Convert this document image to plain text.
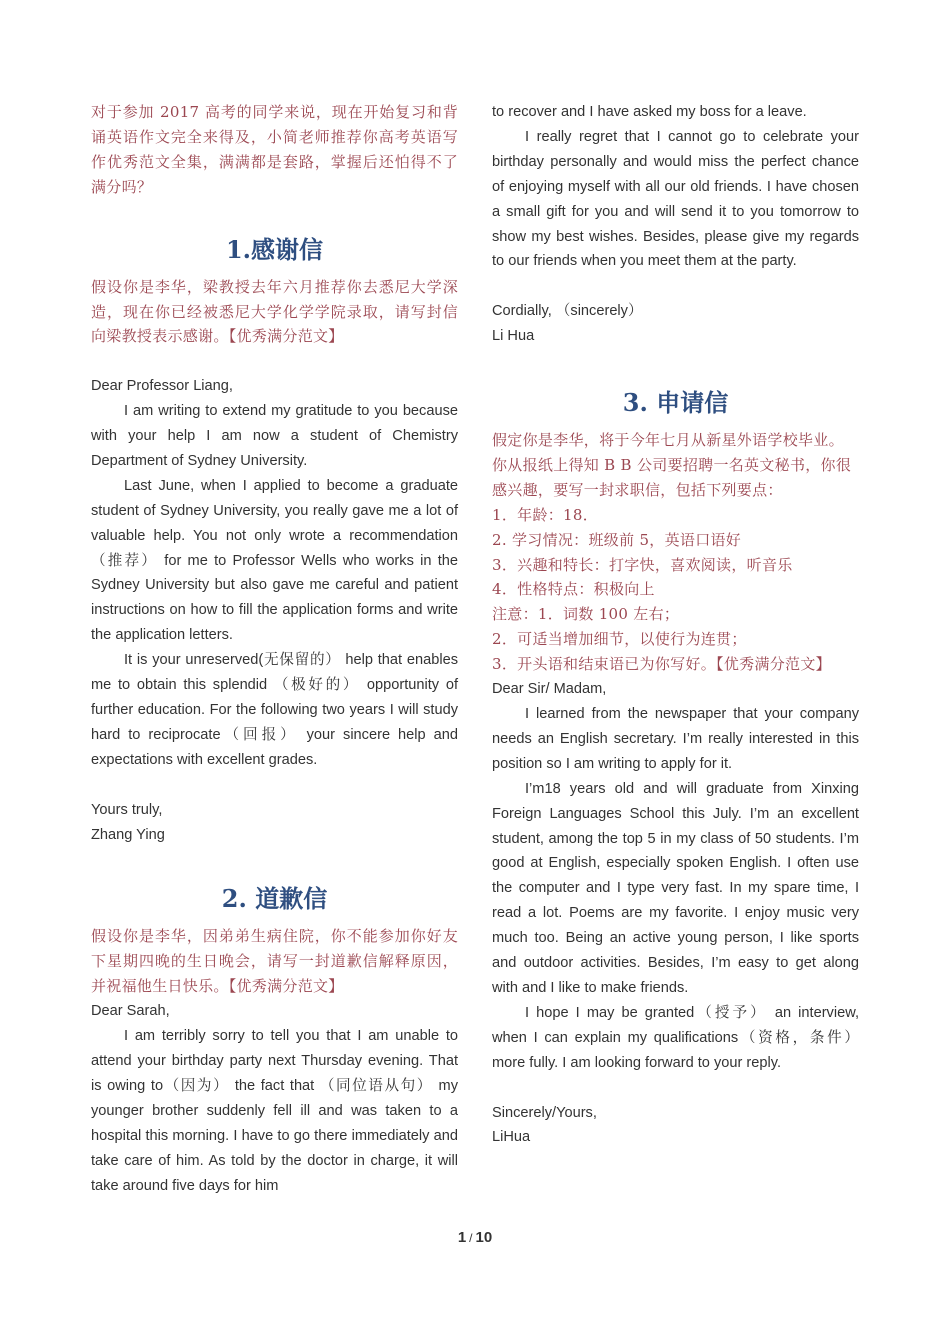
对于参加 2017 高考的同学来说，现在开始复习和背诵英语作文完全来得及，小简老师推荐你高考英语写作优秀范文全集，满满都是套路，掌握后还怕得不了满分吗？

1.感谢信

假设你是李华，梁教授去年六月推荐你去悉尼大学深造，现在你已经被悉尼大学化学学院录取，请写封信向梁教授表示感谢。【优秀满分范文】

Dear Professor Liang,

I am writing to extend my gratitude to you because with your help I am now a student of Chemistry Department of Sydney University.

Last June, when I applied to become a graduate student of Sydney University, you really gave me a lot of valuable help. You not only wrote a recommendation（推荐） for me to Professor Wells who works in the Sydney University but also gave me careful and patient instructions on how to fill the application forms and write the application letters.

It is your unreserved(无保留的） help that enables me to obtain this splendid （极好的） opportunity of further education. For the following two years I will study hard to reciprocate（回报） your sincere help and expectations with excellent grades.

Yours truly,

Zhang Ying

2. 道歉信

假设你是李华，因弟弟生病住院，你不能参加你好友下星期四晚的生日晚会，请写一封道歉信解释原因，并祝福他生日快乐。【优秀满分范文】

Dear Sarah,

I am terribly sorry to tell you that I am unable to attend your birthday party next Thursday evening. That is owing to（因为） the fact that （同位语从句） my younger brother suddenly fell ill and was taken to a hospital this morning. I have to go there immediately and take care of him. As told by the doctor in charge, it will take around five days for him

to recover and I have asked my boss for a leave.

I really regret that I cannot go to celebrate your birthday personally and would miss the perfect chance of enjoying myself with all our old friends. I have chosen a small gift for you and will send it to you tomorrow to show my best wishes. Besides, please give my regards to our friends when you meet them at the party.

Cordially, （sincerely）

Li Hua

3. 申请信

假定你是李华，将于今年七月从新星外语学校毕业。你从报纸上得知 B B 公司要招聘一名英文秘书，你很感兴趣，要写一封求职信，包括下列要点：

1．年龄：18．

2. 学习情况：班级前 5，英语口语好

3．兴趣和特长：打字快，喜欢阅读，听音乐

4．性格特点：积极向上

注意：1．词数 100 左右；

2．可适当增加细节，以使行为连贯；

3．开头语和结束语已为你写好。【优秀满分范文】

Dear Sir/ Madam,

I learned from the newspaper that your company needs an English secretary. I’m really interested in this position so I am writing to apply for it.

I’m18 years old and will graduate from Xinxing Foreign Languages School this July. I’m an excellent student, among the top 5 in my class of 50 students. I’m good at English, especially spoken English. I often use the computer and I type very fast. In my spare time, I read a lot. Poems are my favorite. I enjoy music very much too. Being an active young person, I like sports and outdoor activities. Besides, I’m easy to get along with and I like to make friends.

I hope I may be granted（授予） an interview, when I can explain my qualifications（资格，条件） more fully. I am looking forward to your reply.

Sincerely/Yours,

LiHua

1 / 10
